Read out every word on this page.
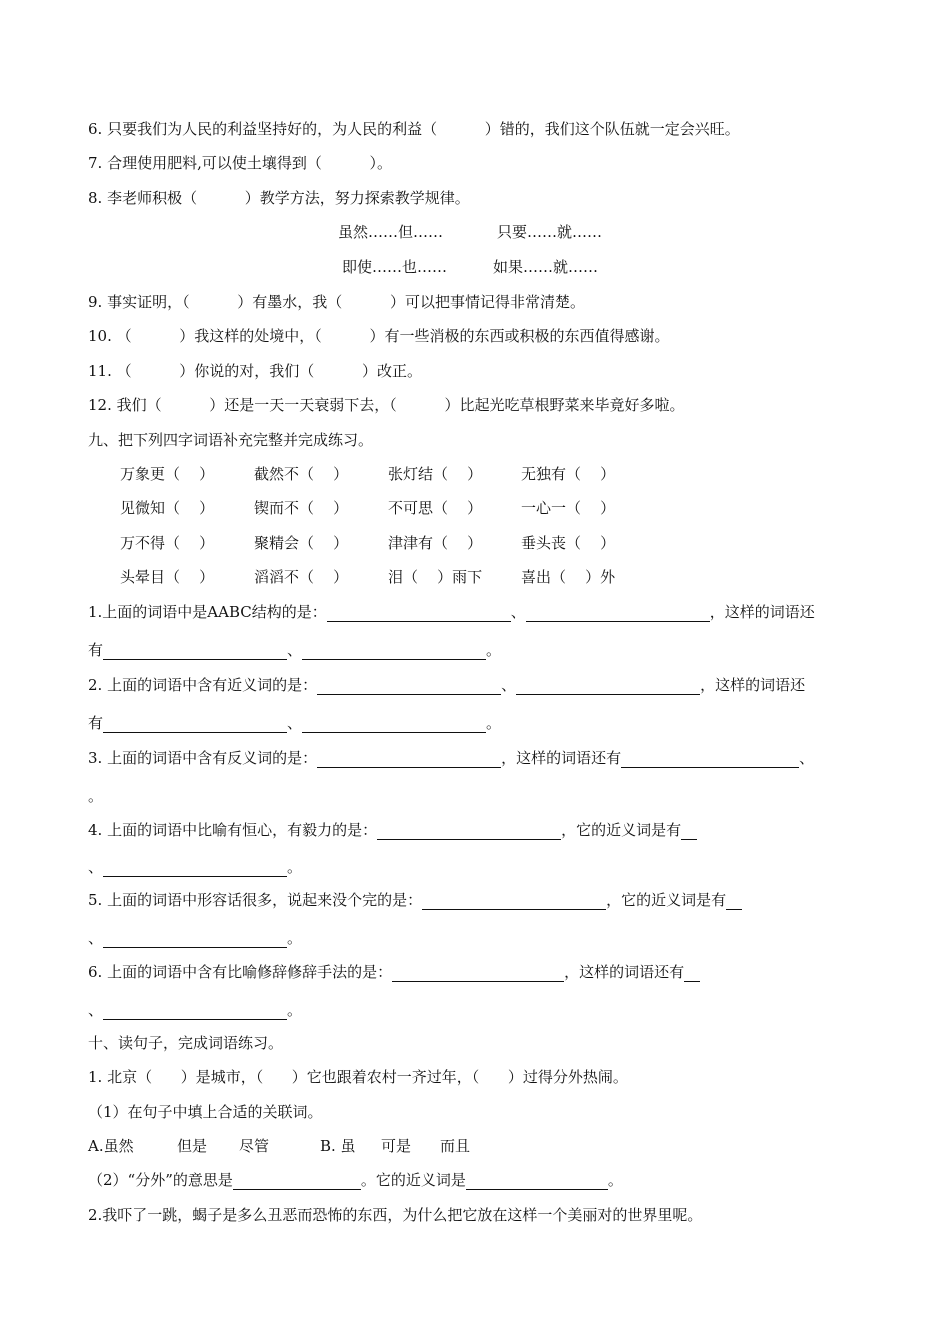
6. 只要我们为人民的利益坚持好的，为人民的利益（          ）错的，我们这个队伍就一定会兴旺。
7. 合理使用肥料,可以使土壤得到（          ）。
8. 李老师积极（          ）教学方法，努力探索教学规律。
虽然……但……	只要……就……
即使……也……	如果……就……
9. 事实证明，（          ）有墨水，我（          ）可以把事情记得非常清楚。
10. （          ）我这样的处境中，（          ）有一些消极的东西或积极的东西值得感谢。
11. （          ）你说的对，我们（          ）改正。
12. 我们（          ）还是一天一天衰弱下去，（          ）比起光吃草根野菜来毕竟好多啦。
九、把下列四字词语补充完整并完成练习。
万象更（    ）	截然不（    ）	张灯结（    ）	无独有（    ）
见微知（    ）	锲而不（    ）	不可思（    ）	一心一（    ）
万不得（    ）	聚精会（    ）	津津有（    ）	垂头丧（    ）
头晕目（    ）	滔滔不（    ）	泪（    ）雨下	喜出（    ）外
1.上面的词语中是AABC结构的是：	、	，这样的词语还
有	、	。
2. 上面的词语中含有近义词的是：	、	，这样的词语还
有	、	。
3. 上面的词语中含有反义词的是：	，这样的词语还有	、
。
4. 上面的词语中比喻有恒心，有毅力的是：	，它的近义词是有
、	。
5. 上面的词语中形容话很多，说起来没个完的是：	，它的近义词是有
、	。
6. 上面的词语中含有比喻修辞修辞手法的是：	，这样的词语还有
、	。
十、读句子，完成词语练习。
1. 北京（      ）是城市，（      ）它也跟着农村一齐过年，（      ）过得分外热闹。
（1）在句子中填上合适的关联词。
A.虽然	但是 尽管	B. 虽 可是 而且
（2）“分外”的意思是	。它的近义词是	。
2.我吓了一跳，蝎子是多么丑恶而恐怖的东西，为什么把它放在这样一个美丽对的世界里呢。
